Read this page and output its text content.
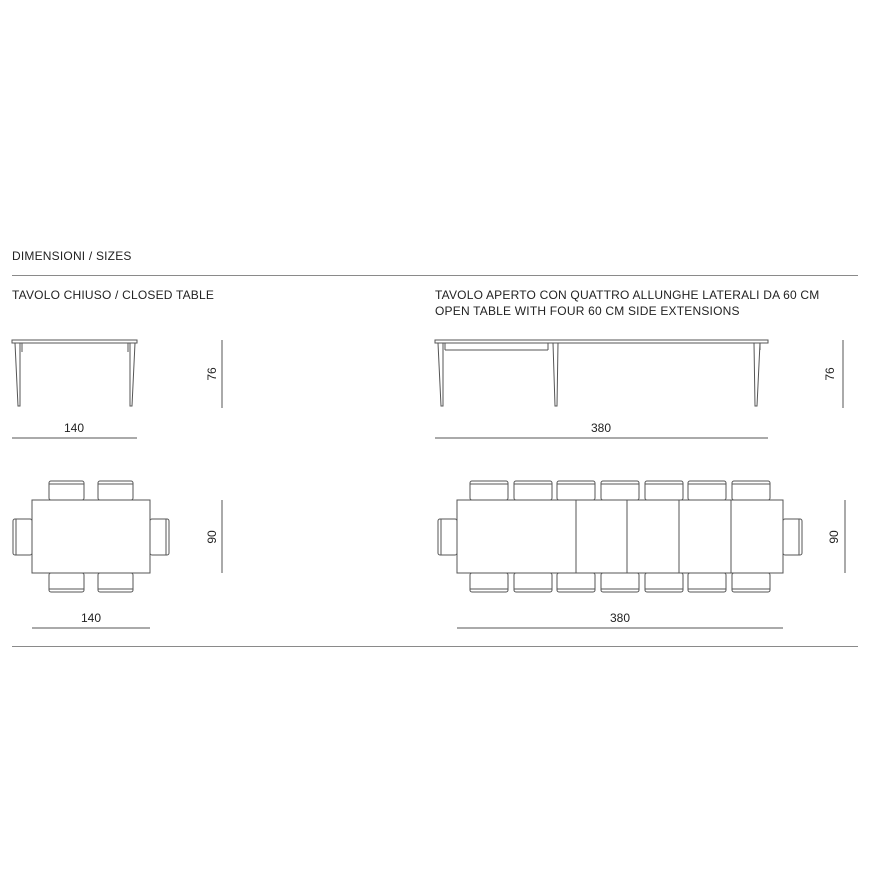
DIMENSIONI / SIZES
TAVOLO CHIUSO / CLOSED TABLE	TAVOLO APERTO CON QUATTRO ALLUNGHE LATERALI DA 60 CM
OPEN TABLE WITH FOUR 60 CM SIDE EXTENSIONS
140
76
140
90
380
76
380
90
